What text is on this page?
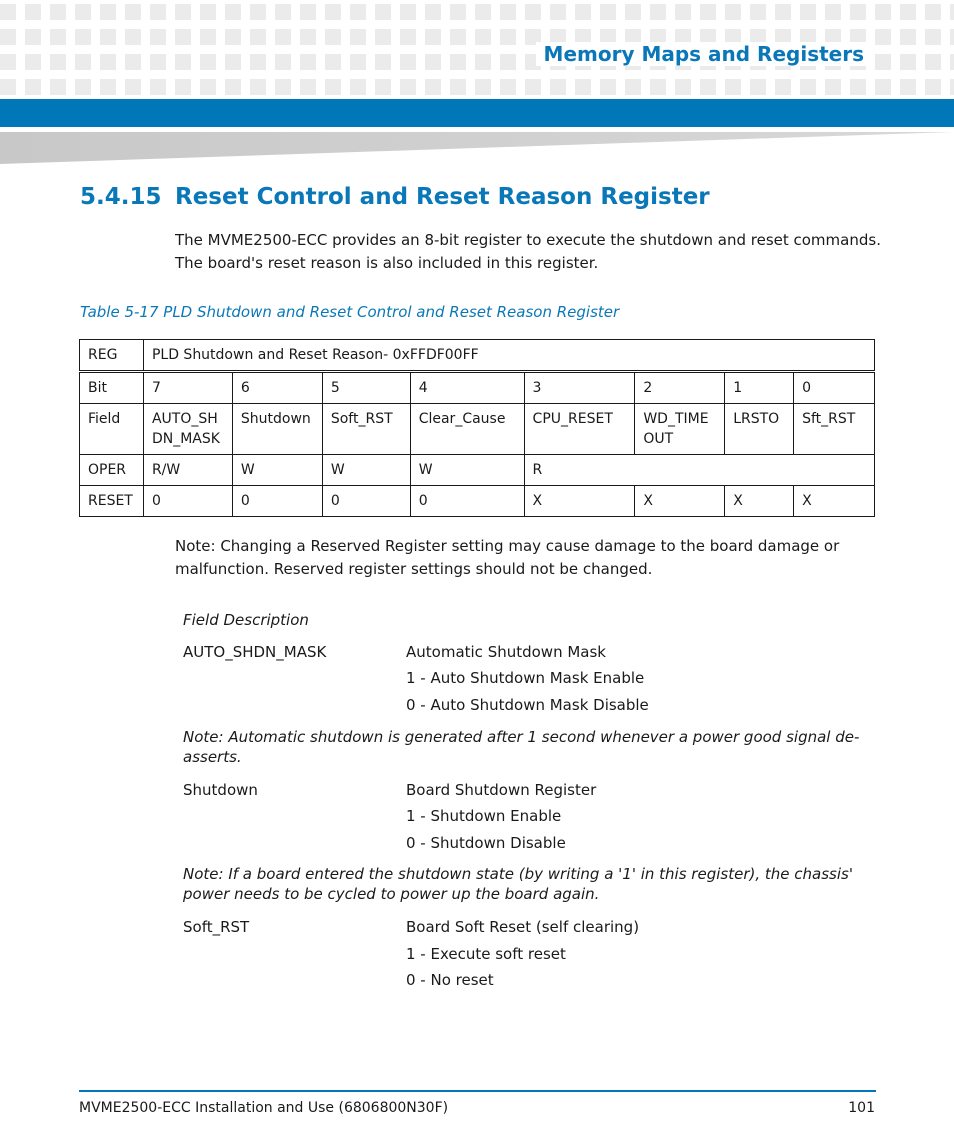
Memory Maps and Registers
5.4.15 Reset Control and Reset Reason Register
The MVME2500-ECC provides an 8-bit register to execute the shutdown and reset commands.
The board's reset reason is also included in this register.
Table 5-17 PLD Shutdown and Reset Control and Reset Reason Register
REG	PLD Shutdown and Reset Reason- 0xFFDF00FF							
Bit	7	6	5	4	3	2	1	0
Field	AUTO_SH DN_MASK	Shutdown	Soft_RST	Clear_Cause	CPU_RESET	WD_TIME OUT	LRSTO	Sft_RST
OPER	R/W	W	W	W	R			
RESET	0	0	0	0	X	X	X	X
Note: Changing a Reserved Register setting may cause damage to the board damage or
malfunction. Reserved register settings should not be changed.
Field Description
AUTO_SHDN_MASK	Automatic Shutdown Mask
1 - Auto Shutdown Mask Enable
0 - Auto Shutdown Mask Disable
Note: Automatic shutdown is generated after 1 second whenever a power good signal de-
asserts.
Shutdown	Board Shutdown Register
1 - Shutdown Enable
0 - Shutdown Disable
Note: If a board entered the shutdown state (by writing a '1' in this register), the chassis'
power needs to be cycled to power up the board again.
Soft_RST	Board Soft Reset (self clearing)
1 - Execute soft reset
0 - No reset
MVME2500-ECC Installation and Use (6806800N30F)	101
